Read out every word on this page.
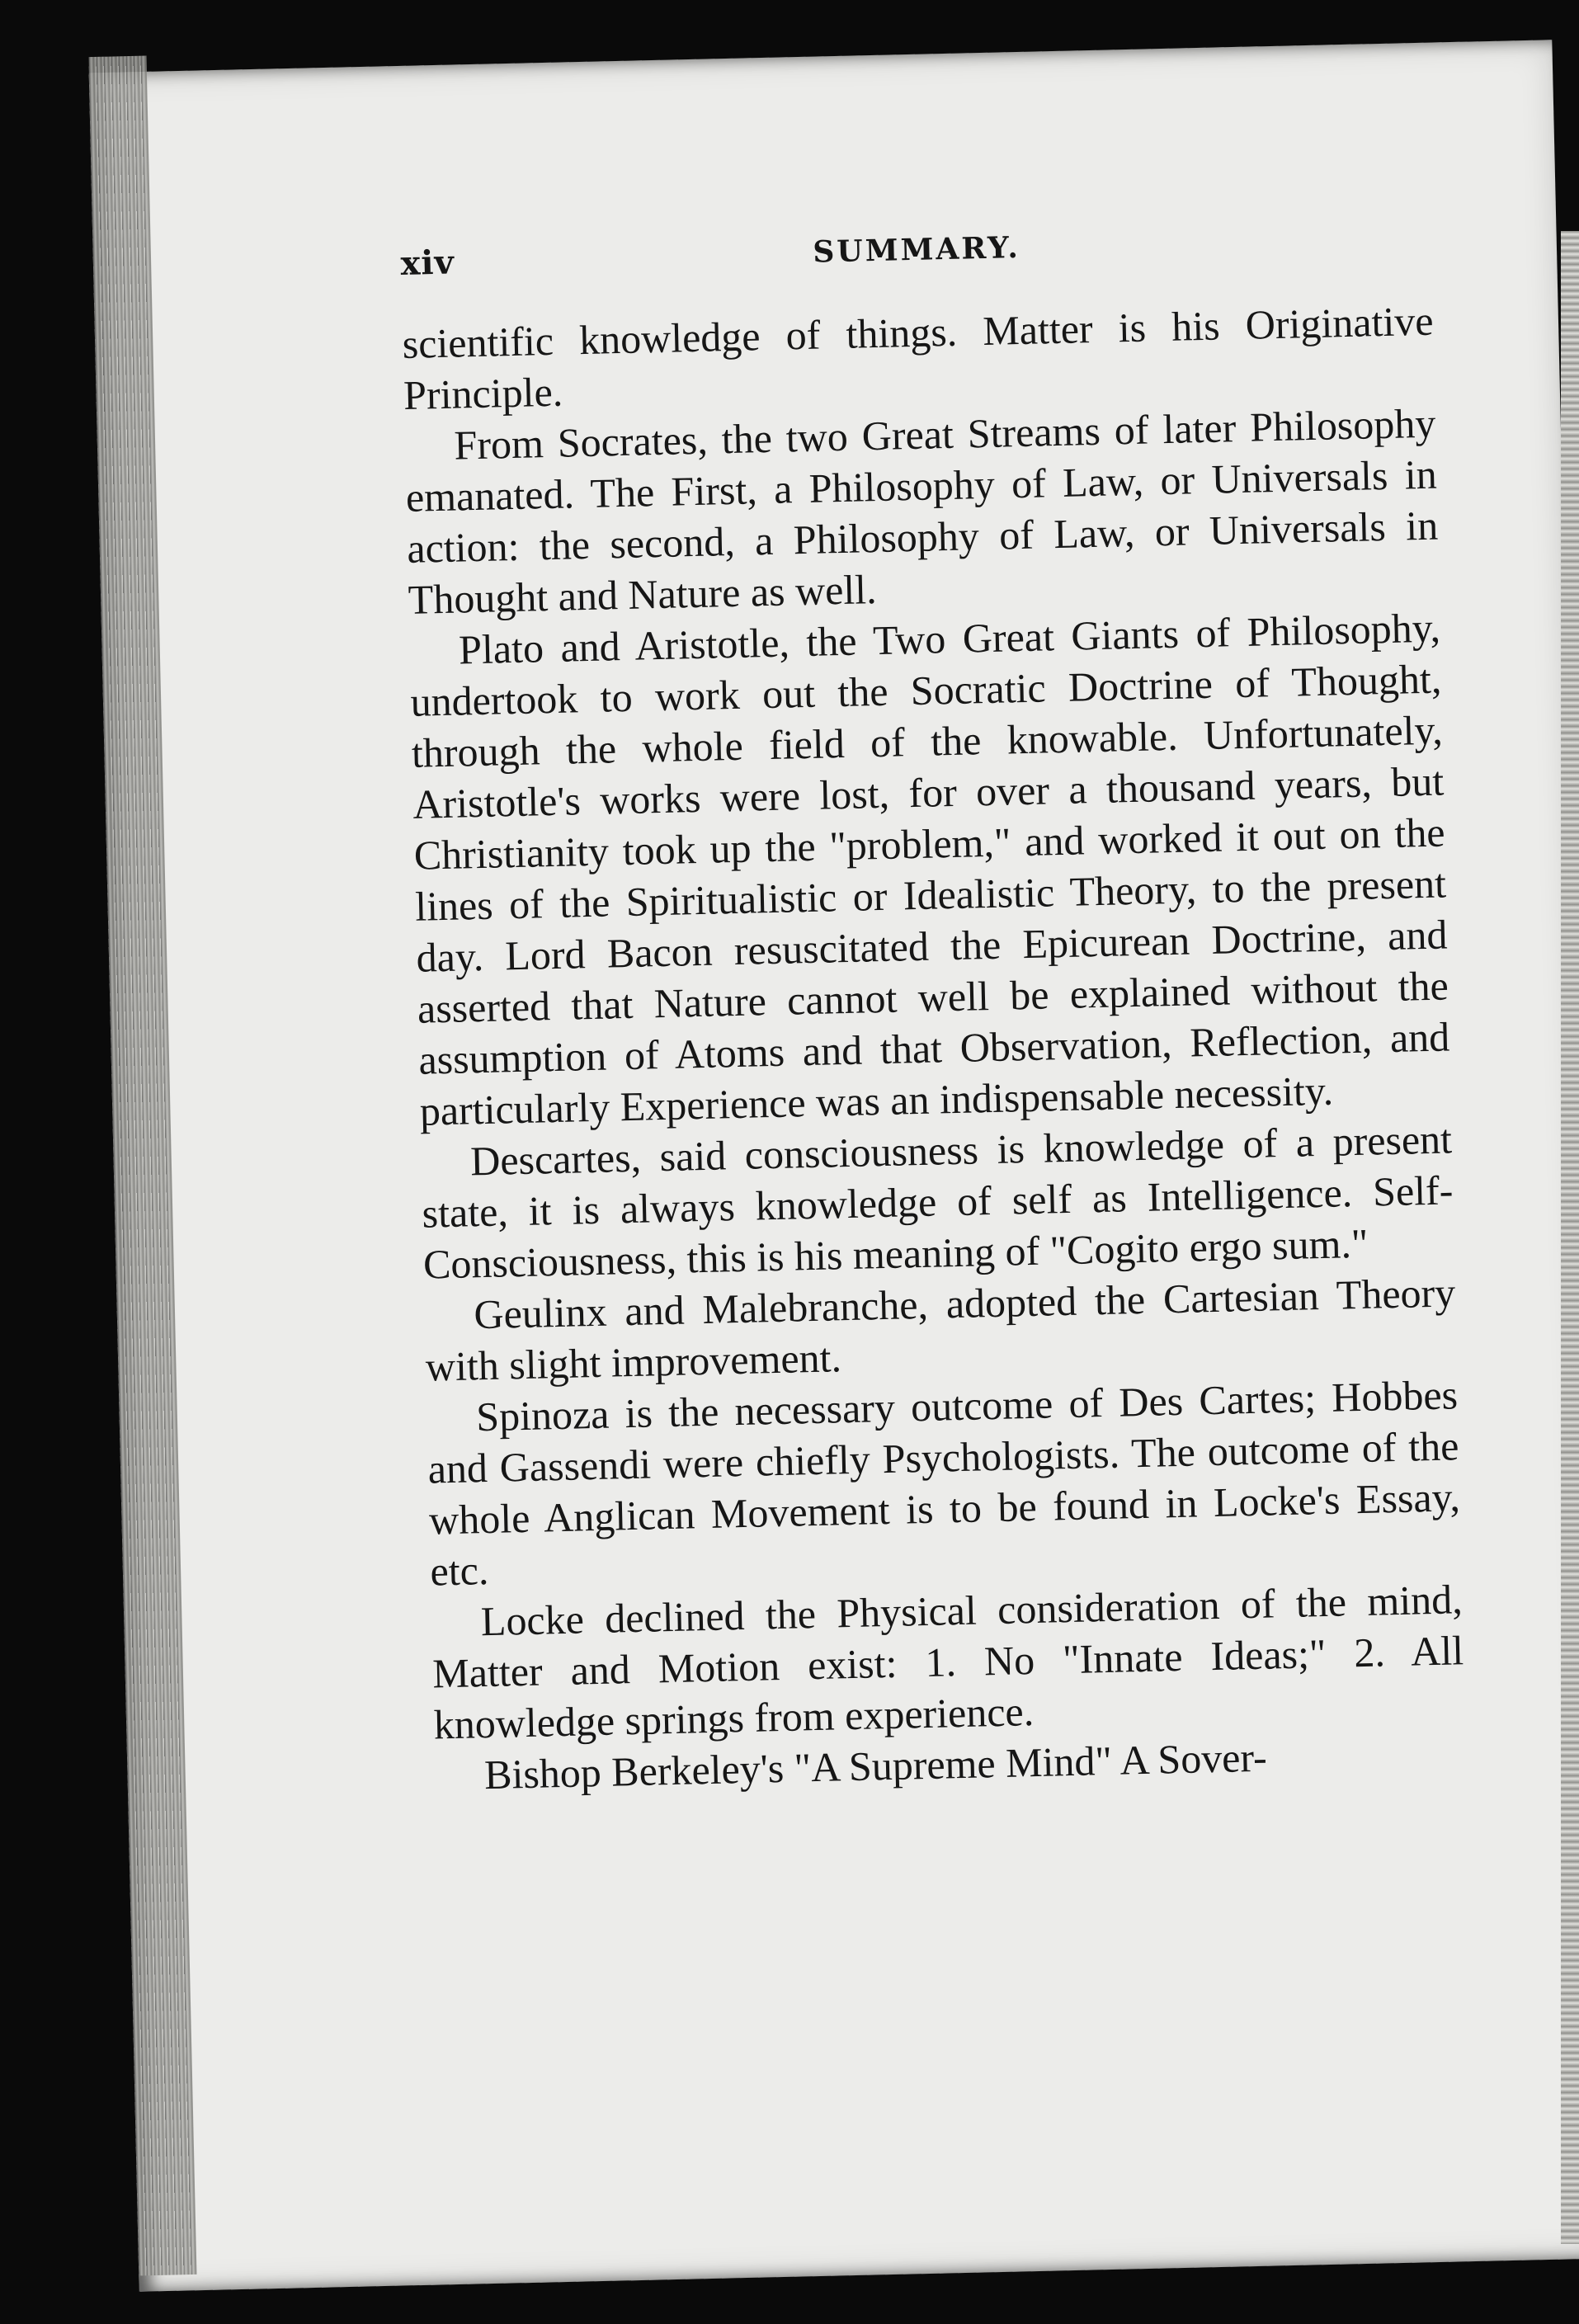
xiv	SUMMARY.

scientific knowledge of things. Matter is his Originative Principle.

From Socrates, the two Great Streams of later Philosophy emanated. The First, a Philosophy of Law, or Universals in action: the second, a Philosophy of Law, or Universals in Thought and Nature as well.

Plato and Aristotle, the Two Great Giants of Philosophy, undertook to work out the Socratic Doctrine of Thought, through the whole field of the knowable. Unfortunately, Aristotle's works were lost, for over a thousand years, but Christianity took up the "problem," and worked it out on the lines of the Spiritualistic or Idealistic Theory, to the present day. Lord Bacon resuscitated the Epicurean Doctrine, and asserted that Nature cannot well be explained without the assumption of Atoms and that Observation, Reflection, and particularly Experience was an indispensable necessity.

Descartes, said consciousness is knowledge of a present state, it is always knowledge of self as Intelligence. Self-Consciousness, this is his meaning of "Cogito ergo sum."

Geulinx and Malebranche, adopted the Cartesian Theory with slight improvement.

Spinoza is the necessary outcome of Des Cartes; Hobbes and Gassendi were chiefly Psychologists. The outcome of the whole Anglican Movement is to be found in Locke's Essay, etc.

Locke declined the Physical consideration of the mind, Matter and Motion exist: 1. No "Innate Ideas;" 2. All knowledge springs from experience.

Bishop Berkeley's "A Supreme Mind" A Sover-
